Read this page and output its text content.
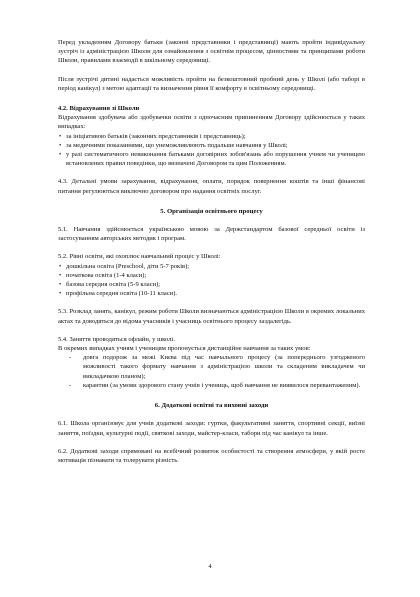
Перед укладенням Договору батьки (законні представники і представниці) мають пройти індивідуальну зустріч із адміністрацією Школи для ознайомлення з освітнім процесом, цінностями та принципами роботи Школи, правилами взаємодії в шкільному середовищі.

Після зустрічі дитині надається можливість пройти на безкоштовний пробний день у Школі (або таборі в період канікул) з метою адаптації та визначення рівня її комфорту в освітньому середовищі.

4.2. Відрахування зі Школи

Відрахування здобувача або здобувачки освіти з одночасним припиненням Договору здійснюється у таких випадках:

• за ініціативою батьків (законних представників і представниць);
• за медичними показаннями, що унеможливлюють подальше навчання у Школі;
• у разі систематичного невиконання батьками договірних зобов'язань або порушення учнем чи ученицею встановлених правил поведінки, що визначені Договором та цим Положенням.

4.3. Детальні умови зарахування, відрахування, оплати, порядок повернення коштів та інші фінансові питання регулюються виключно договором про надання освітніх послуг.

5. Організація освітнього процесу

5.1. Навчання здійснюється українською мовою за Держстандартом базової середньої освіти із застосуванням авторських методик і програм.

5.2. Рівні освіти, які охоплює навчальний процес у Школі:

• дошкільна освіта (Preschool, діти 5-7 років);
• початкова освіта (1-4 класи);
• базова середня освіта (5-9 класи);
• профільна середня освіта (10-11 класи).

5.3. Розклад занять, канікул, режим роботи Школи визначаються адміністрацією Школи в окремих локальних актах та доводяться до відома учасників і учасниць освітнього процесу заздалегідь.

5.4. Заняття проводяться офлайн, у школі.

В окремих випадках учням і ученицям пропонується дистанційне навчання за таких умов:

- довга подорож за межі Києва під час навчального процесу (за попереднього узгодженого можливості такого формату навчання з адміністрацією школи та складеним викладачем чи викладачкою планом);
- карантин (за умови здорового стану учнів і учениць, щоб навчання не виявилося перевантаженим).

6. Додаткові освітні та виховні заходи

6.1. Школа організовує для учнів додаткові заходи: гуртки, факультативні заняття, спортивні секції, виїзні заняття, поїздки, культурні події, святкові заходи, майстер-класи, табори під час канікул та інше.

6.2. Додаткові заходи спрямовані на всебічний розвиток особистості та створення атмосфери, у якій росте мотивація пізнавати та толерувати різність.

4
